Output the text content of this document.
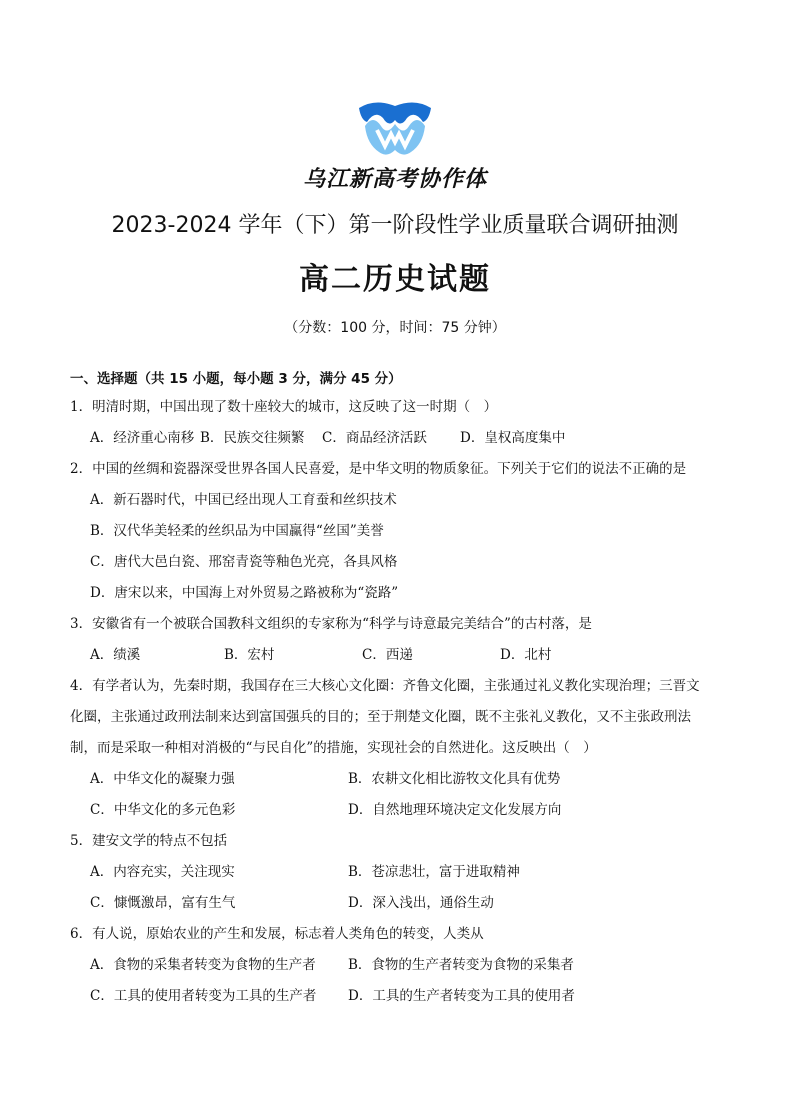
乌江新高考协作体
2023-2024 学年（下）第一阶段性学业质量联合调研抽测
高二历史试题
（分数：100 分，时间：75 分钟）
一、选择题（共 15 小题，每小题 3 分，满分 45 分）
1．明清时期，中国出现了数十座较大的城市，这反映了这一时期（　）
A．经济重心南移 B．民族交往频繁	C．商品经济活跃	D．皇权高度集中
2．中国的丝绸和瓷器深受世界各国人民喜爱，是中华文明的物质象征。下列关于它们的说法不正确的是
A．新石器时代，中国已经出现人工育蚕和丝织技术
B．汉代华美轻柔的丝织品为中国赢得“丝国”美誉
C．唐代大邑白瓷、邢窑青瓷等釉色光亮，各具风格
D．唐宋以来，中国海上对外贸易之路被称为“瓷路”
3．安徽省有一个被联合国教科文组织的专家称为“科学与诗意最完美结合”的古村落，是
A．绩溪	B．宏村	C．西递	D．北村
4．有学者认为，先秦时期，我国存在三大核心文化圈：齐鲁文化圈，主张通过礼义教化实现治理；三晋文
化圈，主张通过政刑法制来达到富国强兵的目的；至于荆楚文化圈，既不主张礼义教化，又不主张政刑法
制，而是采取一种相对消极的“与民自化”的措施，实现社会的自然进化。这反映出（　）
A．中华文化的凝聚力强	B．农耕文化相比游牧文化具有优势
C．中华文化的多元色彩	D．自然地理环境决定文化发展方向
5．建安文学的特点不包括
A．内容充实，关注现实	B．苍凉悲壮，富于进取精神
C．慷慨激昂，富有生气	D．深入浅出，通俗生动
6．有人说，原始农业的产生和发展，标志着人类角色的转变，人类从
A．食物的采集者转变为食物的生产者	B．食物的生产者转变为食物的采集者
C．工具的使用者转变为工具的生产者	D．工具的生产者转变为工具的使用者
